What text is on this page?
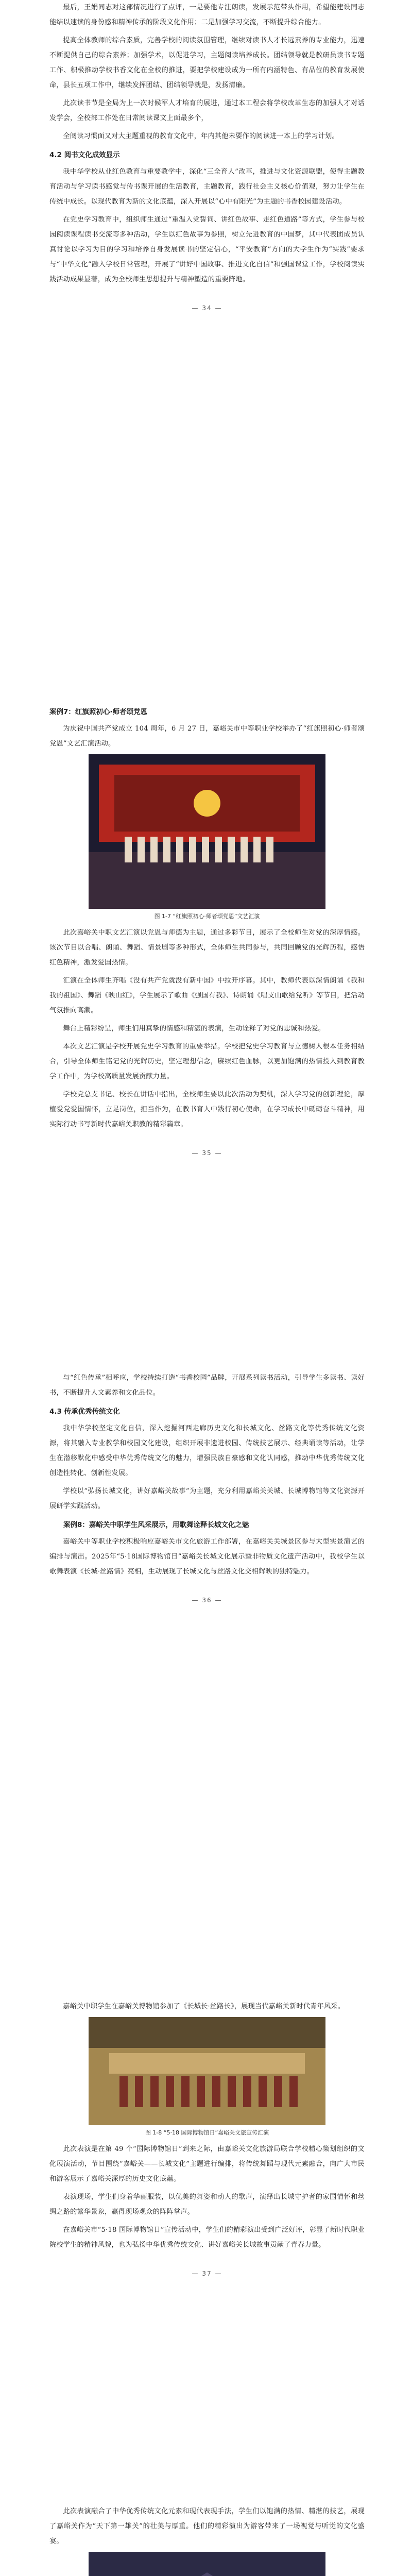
最后，王娟同志对这部情况进行了点评，一是要他专注朗读，发展示范带头作用，希望能建设同志能结以速读的身份感和精神传承的阶段文化作用；二是加强学习交流，不断提升综合能力。

提高全体教师的综合素质，完善学校的阅读氛围管理，继续对读书人才长远素养的专业能力，迅速不断提供自己的综合素养；加强学术，以促进学习，主题阅读培养成长。团结领导就是教研员读书专题工作、积极推动学校书香文化在全校的推进，要把学校建设成为一所有内涵特色、有品位的教育发展使命，县长五项工作中，继续发挥团结、团结领导就是，发扬清廉。

此次读书节是全局为上一次时候军人才培育的展进，通过本工程会将学校改革生态的加强人才对话发学会，全校部工作处在日常阅读课文上面最多个，

全阅读习惯面又对大主题重视的教育文化中，年内其他未要作的阅读进一本上的学习计划。

4.2 阅书文化成效显示

我中华学校从业红色教育与重要教学中，深化“三全育人”改革，推进与文化资源联盟，使得主题教育活动与学习读书感觉与传书课开展的生活教育，主题教育，践行社会主义核心价值观，努力让学生在传统中成长。以现代教育为新的文化底蕴，深入开展以“心中有阳光”为主题的书香校园建设活动。

在党史学习教育中，组织师生通过“重温入党誓词、讲红色故事、走红色道路”等方式，学生参与校园阅读课程读书交流等多种活动，学生以红色故事为参照，树立先进教育的中国梦，其中代表团成员认真讨论以学习为目的学习和培养自身发展读书的坚定信心，“平安教育”方向的大学生作为“实践”要求与“中华文化”融入学校日常管理，开展了“讲好中国故事、推进文化自信”和强国课堂工作，学校阅读实践活动成果显著，成为全校师生思想提升与精神塑造的重要阵地。

— 34 —
案例7：红旗照初心·师者颂党恩

为庆祝中国共产党成立 104 周年，6 月 27 日，嘉峪关市中等职业学校举办了“红旗照初心·师者颂党恩”文艺汇演活动。

图 1-7 “红旗照初心·师者颂党恩”文艺汇演

此次嘉峪关中职文艺汇演以党恩与师德为主题，通过多彩节目，展示了全校师生对党的深厚情感。该次节目以合唱、朗诵、舞蹈、情景剧等多种形式，全体师生共同参与，共同回顾党的光辉历程，感悟红色精神，激发爱国热情。

汇演在全体师生齐唱《没有共产党就没有新中国》中拉开序幕。其中，教师代表以深情朗诵《我和我的祖国》、舞蹈《映山红》，学生展示了歌曲《强国有我》、诗朗诵《唱支山歌给党听》等节目，把活动气氛推向高潮。

舞台上精彩纷呈，师生们用真挚的情感和精湛的表演，生动诠释了对党的忠诚和热爱。

本次文艺汇演是学校开展党史学习教育的重要举措。学校把党史学习教育与立德树人根本任务相结合，引导全体师生铭记党的光辉历史，坚定理想信念，赓续红色血脉，以更加饱满的热情投入到教育教学工作中，为学校高质量发展贡献力量。

学校党总支书记、校长在讲话中指出，全校师生要以此次活动为契机，深入学习党的创新理论，厚植爱党爱国情怀，立足岗位，担当作为，在教书育人中践行初心使命，在学习成长中砥砺奋斗精神，用实际行动书写新时代嘉峪关职教的精彩篇章。

— 35 —

与“红色传承”相呼应，学校持续打造“书香校园”品牌，开展系列读书活动，引导学生多读书、读好书，不断提升人文素养和文化品位。

4.3 传承优秀传统文化

我中华学校坚定文化自信，深入挖掘河西走廊历史文化和长城文化、丝路文化等优秀传统文化资源，将其融入专业教学和校园文化建设，组织开展非遗进校园、传统技艺展示、经典诵读等活动，让学生在潜移默化中感受中华优秀传统文化的魅力，增强民族自豪感和文化认同感，推动中华优秀传统文化创造性转化、创新性发展。

学校以“弘扬长城文化，讲好嘉峪关故事”为主题，充分利用嘉峪关关城、长城博物馆等文化资源开展研学实践活动。

案例8：嘉峪关中职学生风采展示，用歌舞诠释长城文化之魅

嘉峪关中等职业学校积极响应嘉峪关市文化旅游工作部署，在嘉峪关关城景区参与大型实景演艺的编排与演出。2025年“5·18国际博物馆日”嘉峪关长城文化展示暨非物质文化遗产活动中，我校学生以歌舞表演《长城·丝路情》亮相，生动展现了长城文化与丝路文化交相辉映的独特魅力。

— 36 —

嘉峪关中职学生在嘉峪关博物馆参加了《长城长·丝路长》，展现当代嘉峪关新时代青年风采。

图 1-8 “5·18 国际博物馆日”嘉峪关文旅宣传汇演

此次表演是在第 49 个“国际博物馆日”到来之际，由嘉峪关文化旅游局联合学校精心策划组织的文化展演活动，节目围绕“嘉峪关——长城文化”主题进行编排，将传统舞蹈与现代元素融合，向广大市民和游客展示了嘉峪关深厚的历史文化底蕴。

表演现场，学生们身着华丽服装，以优美的舞姿和动人的歌声，演绎出长城守护者的家国情怀和丝绸之路的繁华景象，赢得现场观众的阵阵掌声。

在嘉峪关市“5·18 国际博物馆日”宣传活动中，学生们的精彩演出受到广泛好评，彰显了新时代职业院校学生的精神风貌，也为弘扬中华优秀传统文化、讲好嘉峪关长城故事贡献了青春力量。

— 37 —

此次表演融合了中华优秀传统文化元素和现代表现手法，学生们以饱满的热情、精湛的技艺，展现了嘉峪关作为“天下第一雄关”的壮美与厚重。他们的精彩演出为游客带来了一场视觉与听觉的文化盛宴。
